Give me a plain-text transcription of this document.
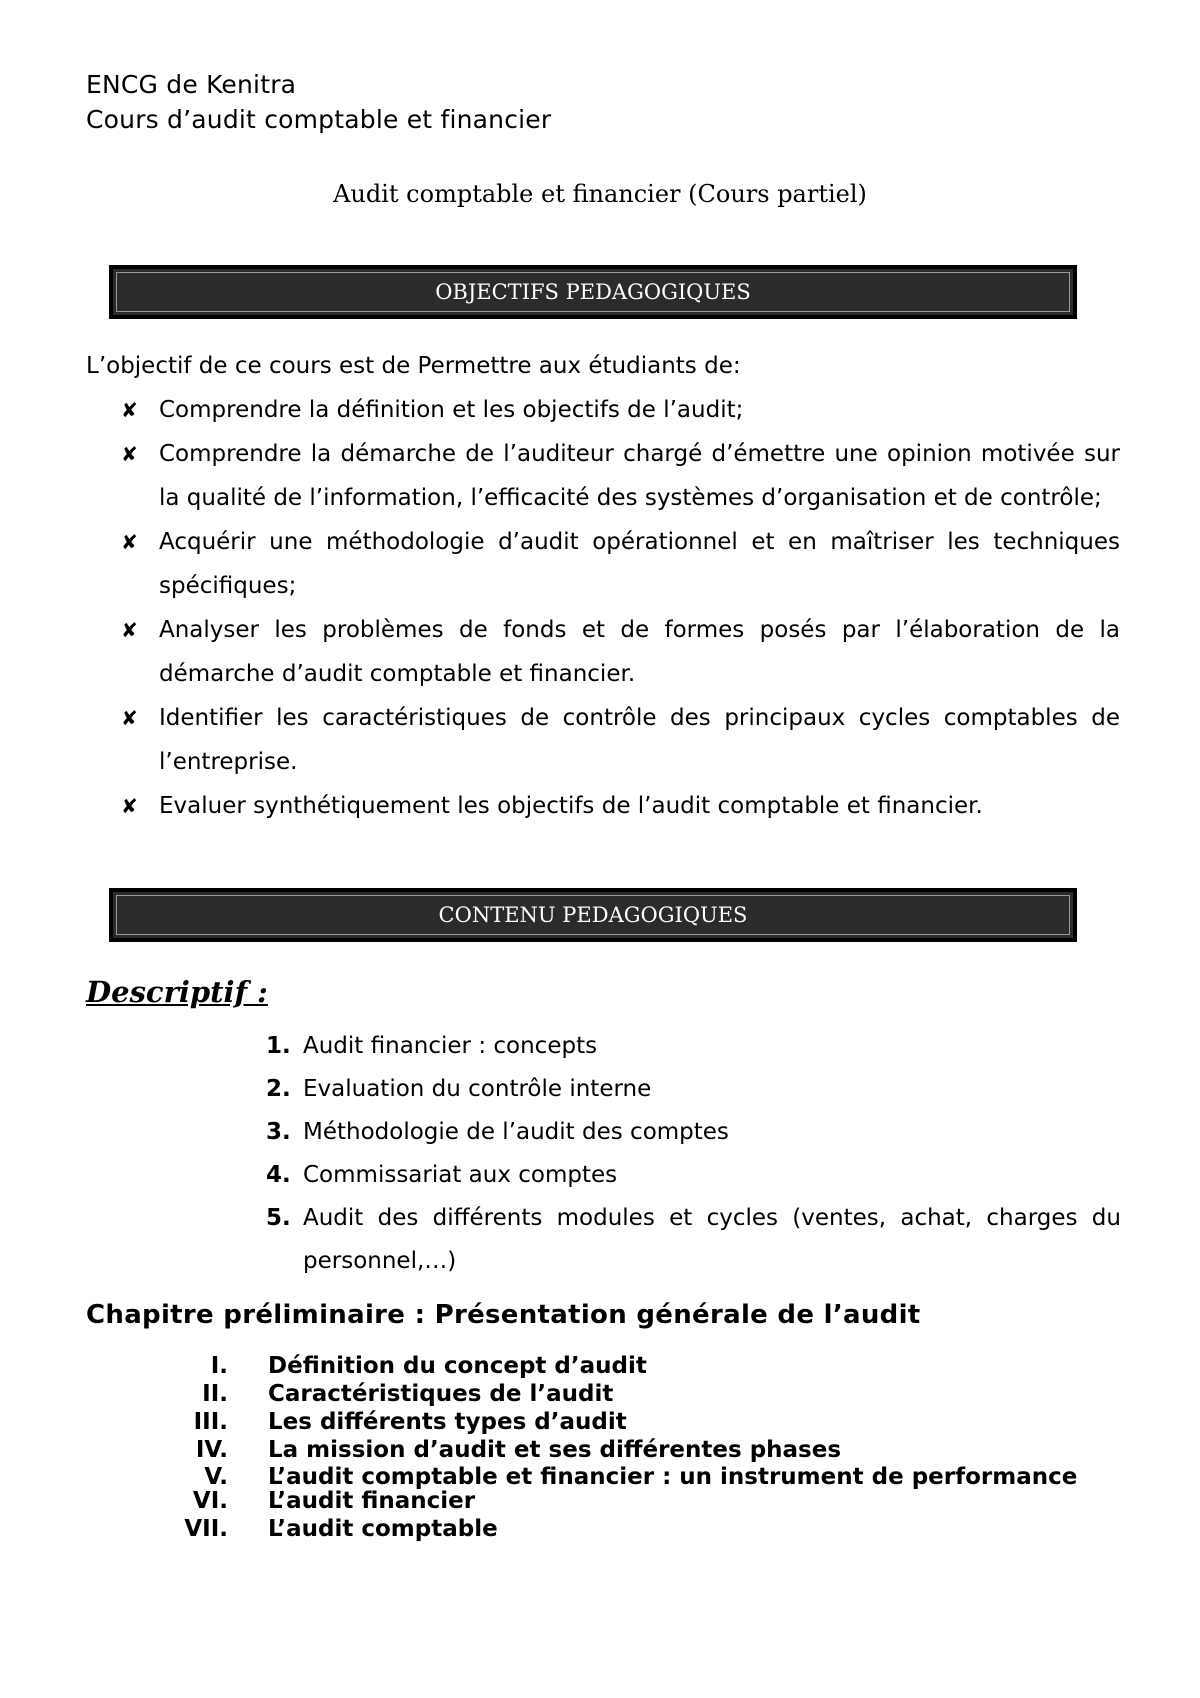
ENCG de Kenitra
Cours d’audit comptable et financier
Audit comptable et financier (Cours partiel)
OBJECTIFS PEDAGOGIQUES
L’objectif de ce cours est de Permettre aux étudiants de:
✘ Comprendre la définition et les objectifs de l’audit;
✘ Comprendre la démarche de l’auditeur chargé d’émettre une opinion motivée sur la qualité de l’information, l’efficacité des systèmes d’organisation et de contrôle;
✘ Acquérir une méthodologie d’audit opérationnel et en maîtriser les techniques spécifiques;
✘ Analyser les problèmes de fonds et de formes posés par l’élaboration de la démarche d’audit comptable et financier.
✘ Identifier les caractéristiques de contrôle des principaux cycles comptables de l’entreprise.
✘ Evaluer synthétiquement les objectifs de l’audit comptable et financier.
CONTENU PEDAGOGIQUES
Descriptif :
1. Audit financier : concepts
2. Evaluation du contrôle interne
3. Méthodologie de l’audit des comptes
4. Commissariat aux comptes
5. Audit des différents modules et cycles (ventes, achat, charges du personnel,…)
Chapitre préliminaire : Présentation générale de l’audit
I. Définition du concept d’audit
II. Caractéristiques de l’audit
III. Les différents types d’audit
IV. La mission d’audit et ses différentes phases
V. L’audit comptable et financier : un instrument de performance
VI. L’audit financier
VII. L’audit comptable
